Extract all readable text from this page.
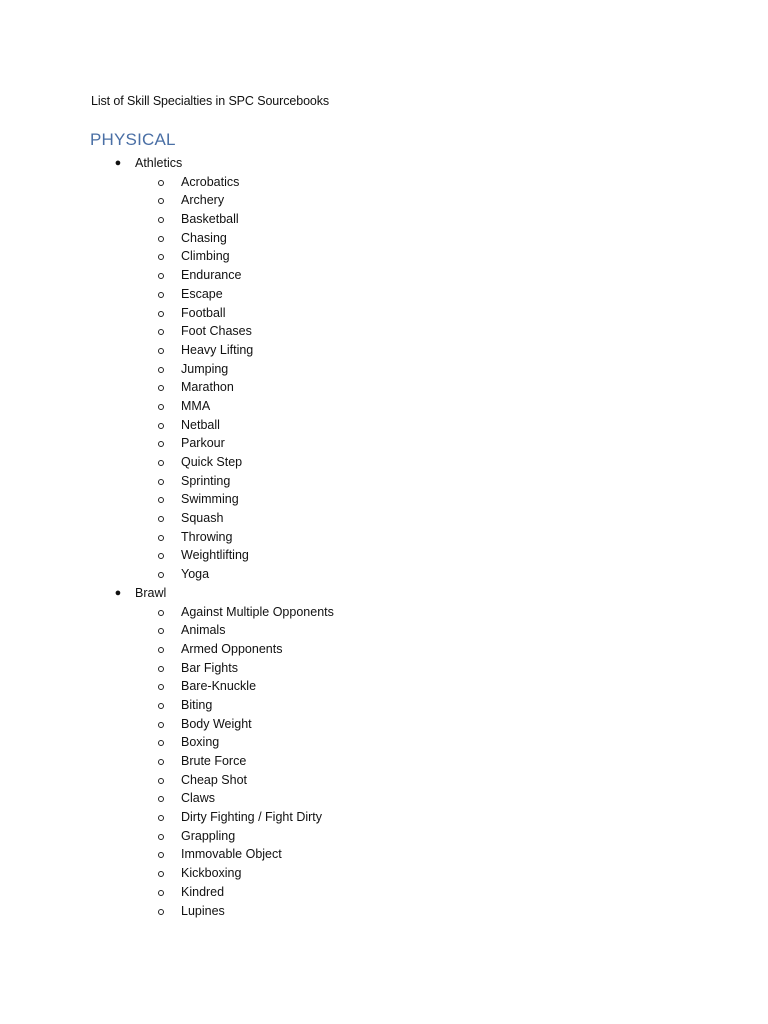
List of Skill Specialties in SPC Sourcebooks
PHYSICAL
● Athletics
Acrobatics
Archery
Basketball
Chasing
Climbing
Endurance
Escape
Football
Foot Chases
Heavy Lifting
Jumping
Marathon
MMA
Netball
Parkour
Quick Step
Sprinting
Swimming
Squash
Throwing
Weightlifting
Yoga
● Brawl
Against Multiple Opponents
Animals
Armed Opponents
Bar Fights
Bare-Knuckle
Biting
Body Weight
Boxing
Brute Force
Cheap Shot
Claws
Dirty Fighting / Fight Dirty
Grappling
Immovable Object
Kickboxing
Kindred
Lupines
